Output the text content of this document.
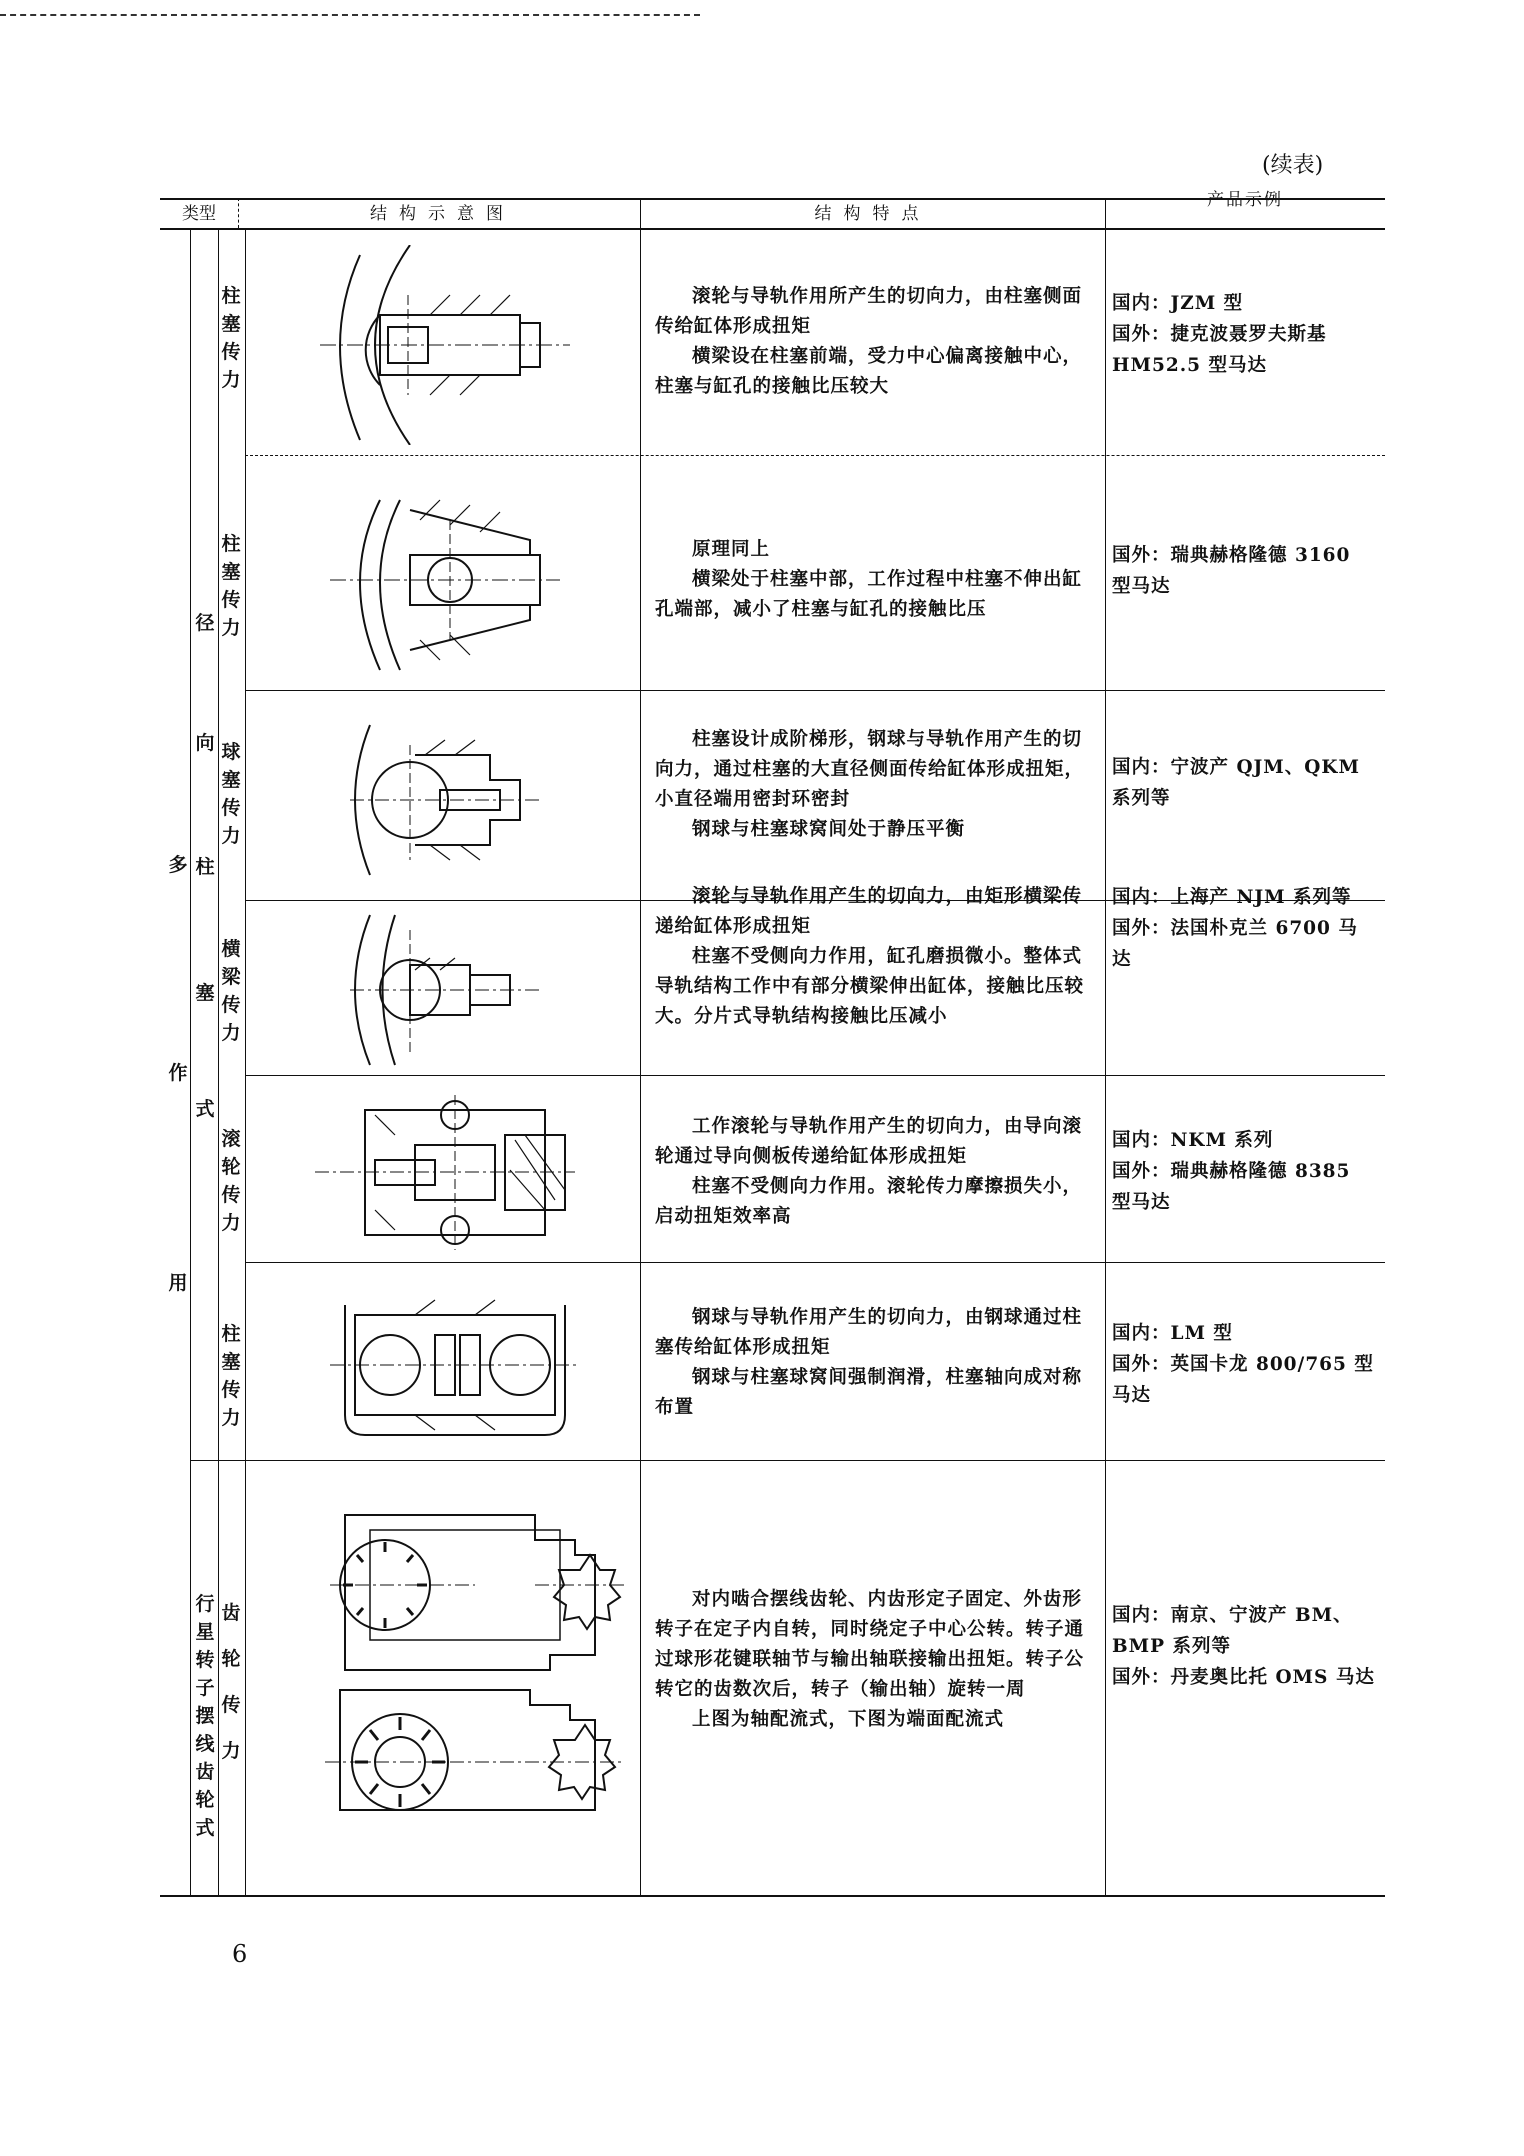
(续表)
类型	结构示意图	结构特点
产品示例
多
作
用
径
向
柱
塞
式
行星转子摆线齿轮式
柱塞传力
柱塞传力
球塞传力
横梁传力
滚轮传力
柱塞传力
齿轮传力

滚轮与导轨作用所产生的切向力，由柱塞侧面传给缸体形成扭矩

横梁设在柱塞前端，受力中心偏离接触中心，柱塞与缸孔的接触比压较大

原理同上

横梁处于柱塞中部，工作过程中柱塞不伸出缸孔端部，减小了柱塞与缸孔的接触比压

柱塞设计成阶梯形，钢球与导轨作用产生的切向力，通过柱塞的大直径侧面传给缸体形成扭矩，小直径端用密封环密封

钢球与柱塞球窝间处于静压平衡

滚轮与导轨作用产生的切向力，由矩形横梁传递给缸体形成扭矩

柱塞不受侧向力作用，缸孔磨损微小。整体式导轨结构工作中有部分横梁伸出缸体，接触比压较大。分片式导轨结构接触比压减小

工作滚轮与导轨作用产生的切向力，由导向滚轮通过导向侧板传递给缸体形成扭矩

柱塞不受侧向力作用。滚轮传力摩擦损失小，启动扭矩效率高

钢球与导轨作用产生的切向力，由钢球通过柱塞传给缸体形成扭矩

钢球与柱塞球窝间强制润滑，柱塞轴向成对称布置

对内啮合摆线齿轮、内齿形定子固定、外齿形转子在定子内自转，同时绕定子中心公转。转子通过球形花键联轴节与输出轴联接输出扭矩。转子公转它的齿数次后，转子（输出轴）旋转一周

上图为轴配流式，下图为端面配流式

国内：JZM 型
国外：捷克波聂罗夫斯基 HM52.5 型马达
国外：瑞典赫格隆德 3160 型马达
国内：宁波产 QJM、QKM 系列等
国内：上海产 NJM 系列等
国外：法国朴克兰 6700 马达
国内：NKM 系列
国外：瑞典赫格隆德 8385 型马达
国内：LM 型
国外：英国卡龙 800/765 型马达
国内：南京、宁波产 BM、BMP 系列等
国外：丹麦奥比托 OMS 马达
6
